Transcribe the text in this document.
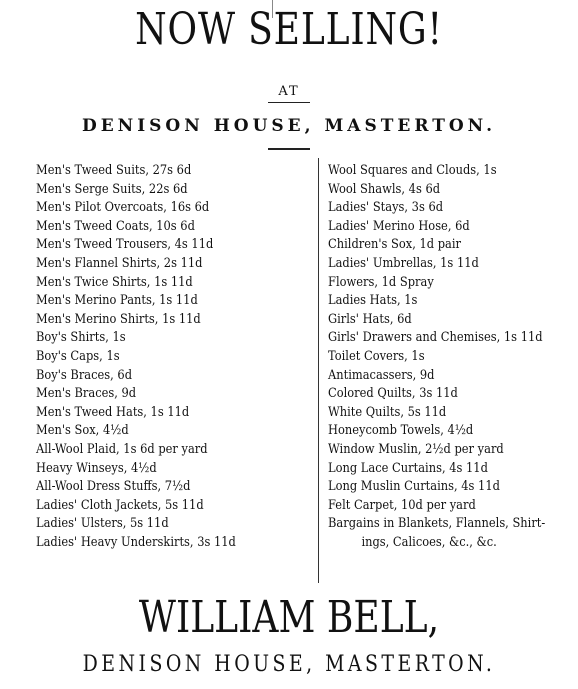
NOW SELLING!
AT
DENISON HOUSE, MASTERTON.
Men's Tweed Suits, 27s 6d
Men's Serge Suits, 22s 6d
Men's Pilot Overcoats, 16s 6d
Men's Tweed Coats, 10s 6d
Men's Tweed Trousers, 4s 11d
Men's Flannel Shirts, 2s 11d
Men's Twice Shirts, 1s 11d
Men's Merino Pants, 1s 11d
Men's Merino Shirts, 1s 11d
Boy's Shirts, 1s
Boy's Caps, 1s
Boy's Braces, 6d
Men's Braces, 9d
Men's Tweed Hats, 1s 11d
Men's Sox, 4½d
All-Wool Plaid, 1s 6d per yard
Heavy Winseys, 4½d
All-Wool Dress Stuffs, 7½d
Ladies' Cloth Jackets, 5s 11d
Ladies' Ulsters, 5s 11d
Ladies' Heavy Underskirts, 3s 11d
Wool Squares and Clouds, 1s
Wool Shawls, 4s 6d
Ladies' Stays, 3s 6d
Ladies' Merino Hose, 6d
Children's Sox, 1d pair
Ladies' Umbrellas, 1s 11d
Flowers, 1d Spray
Ladies Hats, 1s
Girls' Hats, 6d
Girls' Drawers and Chemises, 1s 11d
Toilet Covers, 1s
Antimacassers, 9d
Colored Quilts, 3s 11d
White Quilts, 5s 11d
Honeycomb Towels, 4½d
Window Muslin, 2½d per yard
Long Lace Curtains, 4s 11d
Long Muslin Curtains, 4s 11d
Felt Carpet, 10d per yard
Bargains in Blankets, Flannels, Shirt-
ings, Calicoes, &c., &c.
WILLIAM BELL,
DENISON HOUSE, MASTERTON.
